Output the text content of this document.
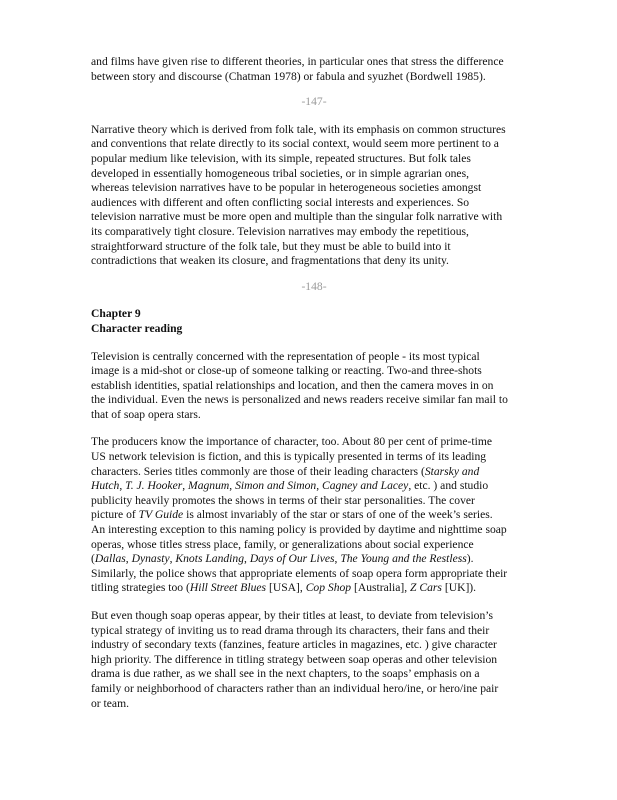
and films have given rise to different theories, in particular ones that stress the difference
between story and discourse (Chatman 1978) or fabula and syuzhet (Bordwell 1985).

-147-

Narrative theory which is derived from folk tale, with its emphasis on common structures
and conventions that relate directly to its social context, would seem more pertinent to a
popular medium like television, with its simple, repeated structures. But folk tales
developed in essentially homogeneous tribal societies, or in simple agrarian ones,
whereas television narratives have to be popular in heterogeneous societies amongst
audiences with different and often conflicting social interests and experiences. So
television narrative must be more open and multiple than the singular folk narrative with
its comparatively tight closure. Television narratives may embody the repetitious,
straightforward structure of the folk tale, but they must be able to build into it
contradictions that weaken its closure, and fragmentations that deny its unity.

-148-
Chapter 9
Character reading

Television is centrally concerned with the representation of people - its most typical
image is a mid-shot or close-up of someone talking or reacting. Two-and three-shots
establish identities, spatial relationships and location, and then the camera moves in on
the individual. Even the news is personalized and news readers receive similar fan mail to
that of soap opera stars.

The producers know the importance of character, too. About 80 per cent of prime-time
US network television is fiction, and this is typically presented in terms of its leading
characters. Series titles commonly are those of their leading characters (Starsky and
Hutch, T. J. Hooker, Magnum, Simon and Simon, Cagney and Lacey, etc. ) and studio
publicity heavily promotes the shows in terms of their star personalities. The cover
picture of TV Guide is almost invariably of the star or stars of one of the week’s series.
An interesting exception to this naming policy is provided by daytime and nighttime soap
operas, whose titles stress place, family, or generalizations about social experience
(Dallas, Dynasty, Knots Landing, Days of Our Lives, The Young and the Restless).
Similarly, the police shows that appropriate elements of soap opera form appropriate their
titling strategies too (Hill Street Blues [USA], Cop Shop [Australia], Z Cars [UK]).

But even though soap operas appear, by their titles at least, to deviate from television’s
typical strategy of inviting us to read drama through its characters, their fans and their
industry of secondary texts (fanzines, feature articles in magazines, etc. ) give character
high priority. The difference in titling strategy between soap operas and other television
drama is due rather, as we shall see in the next chapters, to the soaps’ emphasis on a
family or neighborhood of characters rather than an individual hero/ine, or hero/ine pair
or team.
